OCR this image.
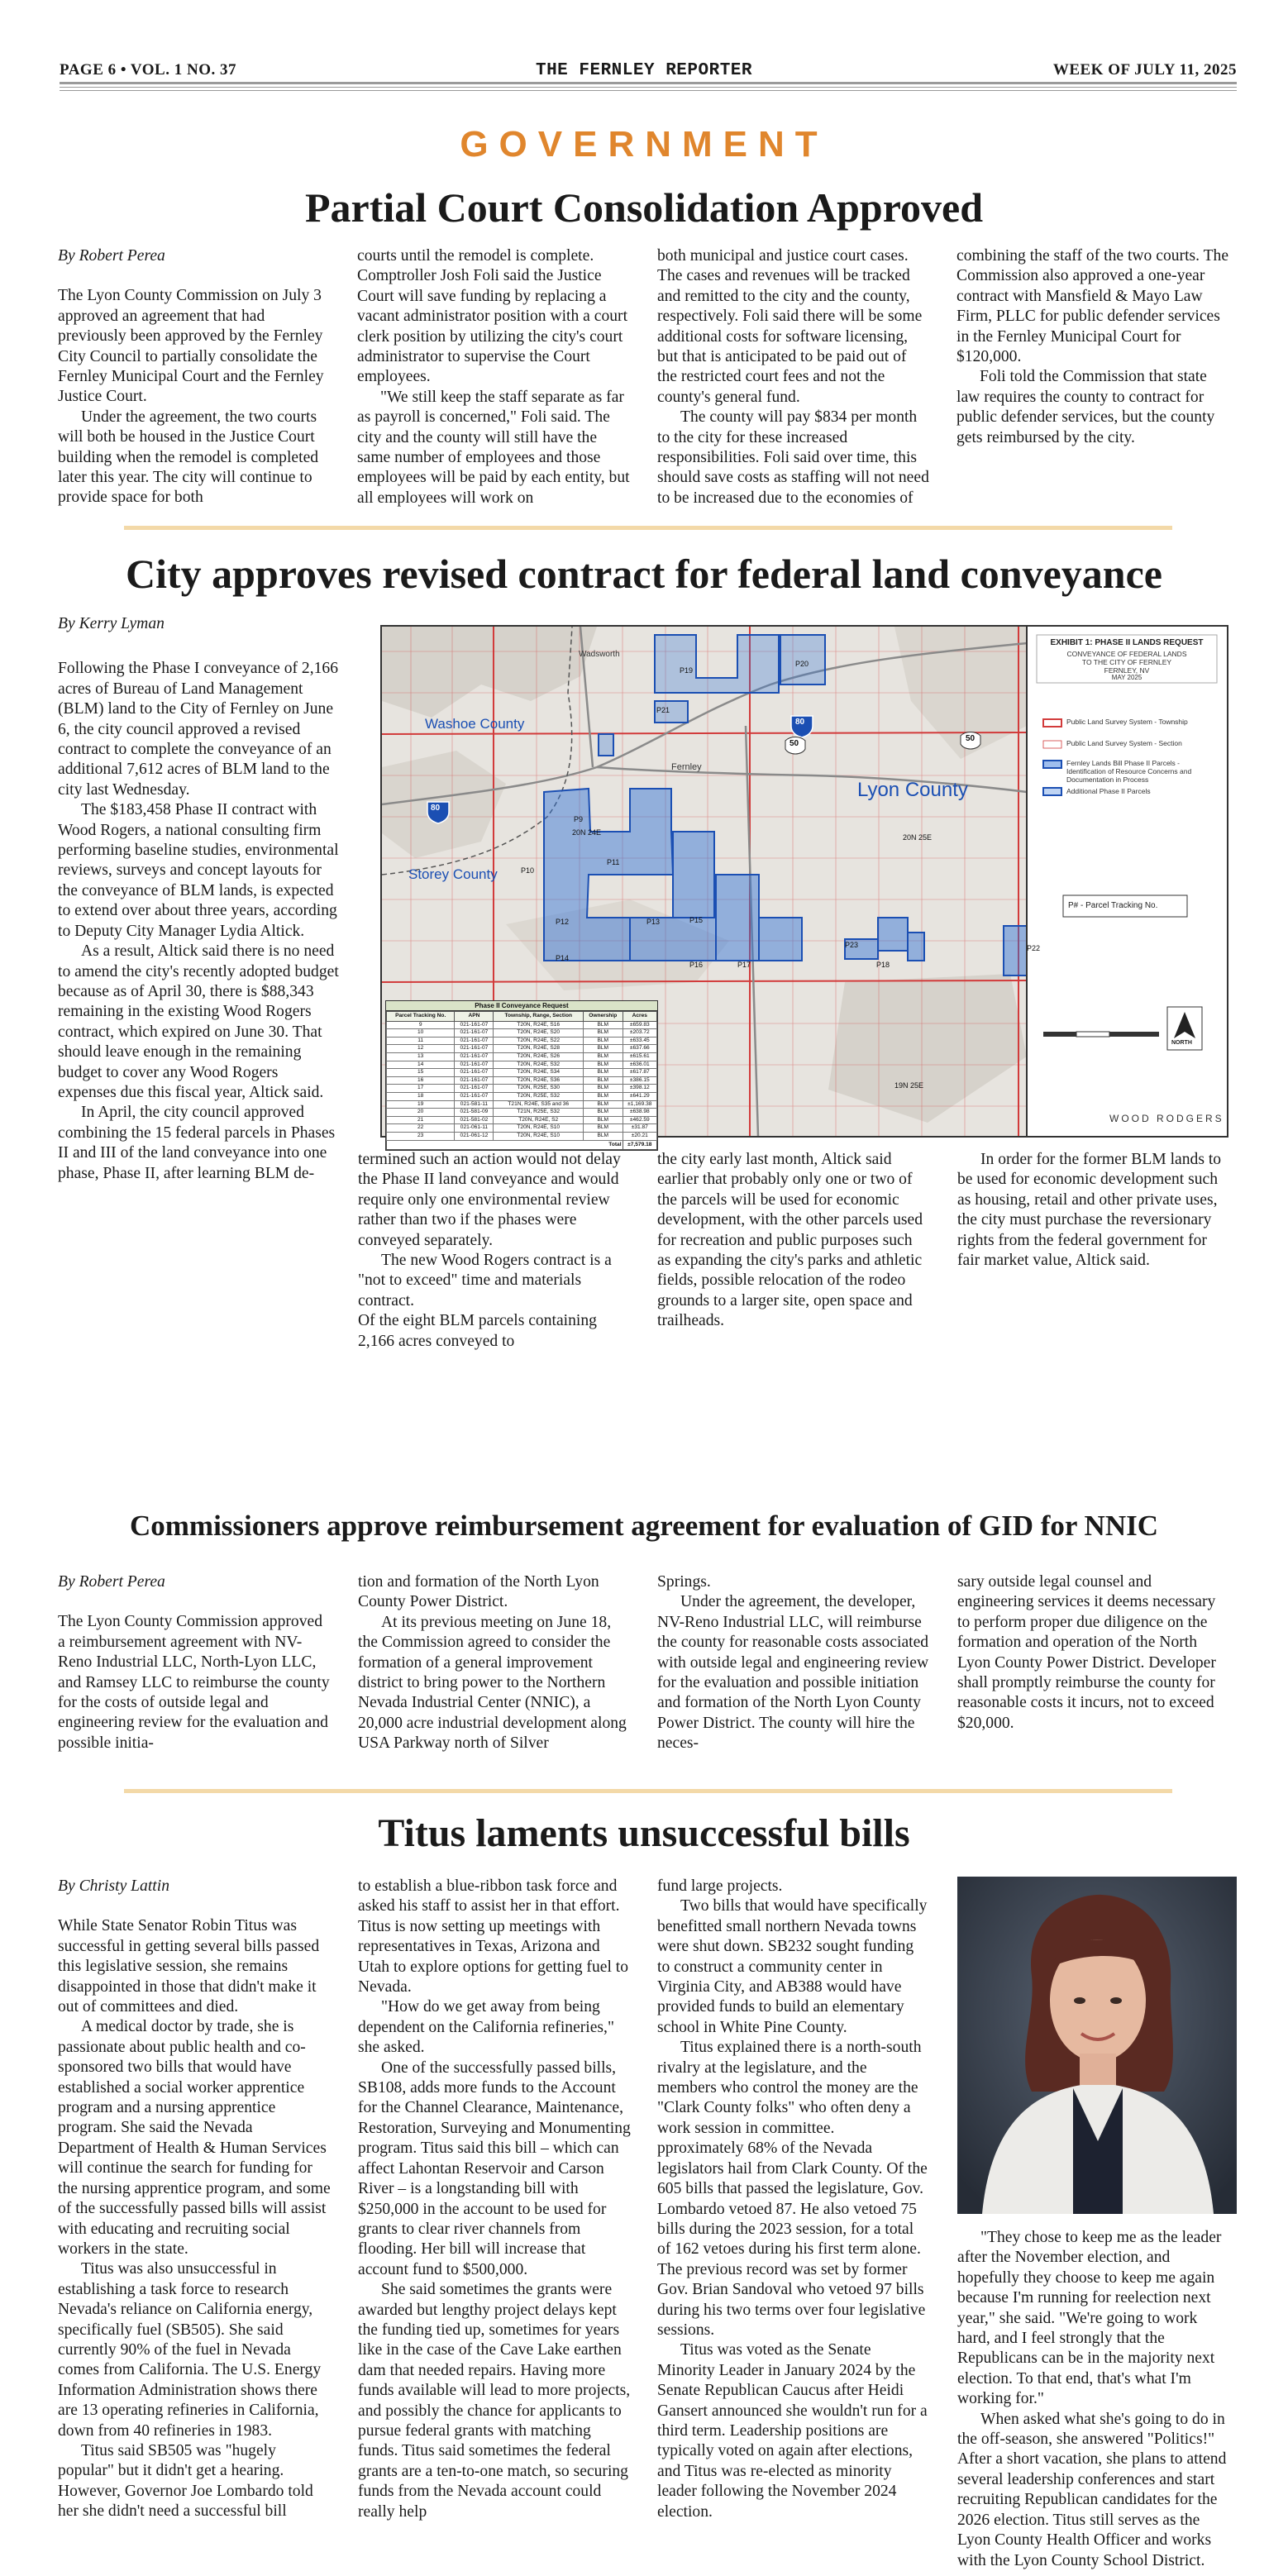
PAGE 6 • VOL. 1 NO. 37	THE FERNLEY REPORTER	WEEK OF JULY 11, 2025
GOVERNMENT
Partial Court Consolidation Approved

By Robert Perea

The Lyon County Commission on July 3 approved an agreement that had previously been approved by the Fernley City Council to partially consolidate the Fernley Municipal Court and the Fernley Justice Court.

Under the agreement, the two courts will both be housed in the Justice Court building when the remodel is completed later this year. The city will continue to provide space for both

courts until the remodel is complete. Comptroller Josh Foli said the Justice Court will save funding by replacing a vacant administrator position with a court clerk position by utilizing the city's court administrator to supervise the Court employees.

"We still keep the staff separate as far as payroll is concerned," Foli said. The city and the county will still have the same number of employees and those employees will be paid by each entity, but all employees will work on

both municipal and justice court cases. The cases and revenues will be tracked and remitted to the city and the county, respectively. Foli said there will be some additional costs for software licensing, but that is anticipated to be paid out of the restricted court fees and not the county's general fund.

The county will pay $834 per month to the city for these increased responsibilities. Foli said over time, this should save costs as staffing will not need to be increased due to the economies of

combining the staff of the two courts. The Commission also approved a one-year contract with Mansfield & Mayo Law Firm, PLLC for public defender services in the Fernley Municipal Court for $120,000.

Foli told the Commission that state law requires the county to contract for public defender services, but the county gets reimbursed by the city.

City approves revised contract for federal land conveyance

By Kerry Lyman

Following the Phase I conveyance of 2,166 acres of Bureau of Land Management (BLM) land to the City of Fernley on June 6, the city council approved a revised contract to complete the conveyance of an additional 7,612 acres of BLM land to the city last Wednesday.

The $183,458 Phase II contract with Wood Rogers, a national consulting firm performing baseline studies, environmental reviews, surveys and concept layouts for the conveyance of BLM lands, is expected to extend over about three years, according to Deputy City Manager Lydia Altick.

As a result, Altick said there is no need to amend the city's recently adopted budget because as of April 30, there is $88,343 remaining in the existing Wood Rogers contract, which expired on June 30. That should leave enough in the remaining budget to cover any Wood Rogers expenses due this fiscal year, Altick said.

In April, the city council approved combining the 15 federal parcels in Phases II and III of the land conveyance into one phase, Phase II, after learning BLM de-

Washoe County
Storey County
Lyon County
Fernley
Wadsworth
80
80
50
50
20N 24E
20N 25E
19N 25E
P9
P10
P11
P12	P13
P14
P15
P16	P17	P18
P19
P20
P21
P22
P23
EXHIBIT 1: PHASE II LANDS REQUEST
CONVEYANCE OF FEDERAL LANDS
TO THE CITY OF FERNLEY
FERNLEY, NV
MAY 2025
Public Land Survey System - Township
Public Land Survey System - Section
Fernley Lands Bill Phase II Parcels - Identification of Resource Concerns and Documentation in Process
Additional Phase II Parcels
P# - Parcel Tracking No.
NORTH
WOOD RODGERS
Phase II Conveyance Request
Parcel Tracking No.	APN	Township, Range, Section	Ownership	Acres
9	021-161-07	T20N, R24E, S16	BLM	±659.83
10	021-161-07	T20N, R24E, S20	BLM	±203.72
11	021-161-07	T20N, R24E, S22	BLM	±633.45
12	021-161-07	T20N, R24E, S28	BLM	±637.66
13	021-161-07	T20N, R24E, S26	BLM	±615.61
14	021-161-07	T20N, R24E, S32	BLM	±636.01
15	021-161-07	T20N, R24E, S34	BLM	±617.87
16	021-161-07	T20N, R24E, S36	BLM	±386.15
17	021-161-07	T20N, R25E, S30	BLM	±398.12
18	021-161-07	T20N, R25E, S32	BLM	±641.29
19	021-581-11	T21N, R24E, S35 and 36	BLM	±1,169.38
20	021-581-09	T21N, R25E, S32	BLM	±638.98
21	021-581-02	T20N, R24E, S2	BLM	±462.59
22	021-061-11	T20N, R24E, S10	BLM	±31.87
23	021-061-12	T20N, R24E, S10	BLM	±20.21
Total				±7,579.18

termined such an action would not delay the Phase II land conveyance and would require only one environmental review rather than two if the phases were conveyed separately.

The new Wood Rogers contract is a "not to exceed" time and materials contract.

Of the eight BLM parcels containing 2,166 acres conveyed to

the city early last month, Altick said earlier that probably only one or two of the parcels will be used for economic development, with the other parcels used for recreation and public purposes such as expanding the city's parks and athletic fields, possible relocation of the rodeo grounds to a larger site, open space and trailheads.

In order for the former BLM lands to be used for economic development such as housing, retail and other private uses, the city must purchase the reversionary rights from the federal government for fair market value, Altick said.

Commissioners approve reimbursement agreement for evaluation of GID for NNIC

By Robert Perea

The Lyon County Commission approved a reimbursement agreement with NV-Reno Industrial LLC, North-Lyon LLC, and Ramsey LLC to reimburse the county for the costs of outside legal and engineering review for the evaluation and possible initia-

tion and formation of the North Lyon County Power District.

At its previous meeting on June 18, the Commission agreed to consider the formation of a general improvement district to bring power to the Northern Nevada Industrial Center (NNIC), a 20,000 acre industrial development along USA Parkway north of Silver

Springs.

Under the agreement, the developer, NV-Reno Industrial LLC, will reimburse the county for reasonable costs associated with outside legal and engineering review for the evaluation and possible initiation and formation of the North Lyon County Power District. The county will hire the neces-

sary outside legal counsel and engineering services it deems necessary to perform proper due diligence on the formation and operation of the North Lyon County Power District. Developer shall promptly reimburse the county for reasonable costs it incurs, not to exceed $20,000.

Titus laments unsuccessful bills

By Christy Lattin

While State Senator Robin Titus was successful in getting several bills passed this legislative session, she remains disappointed in those that didn't make it out of committees and died.

A medical doctor by trade, she is passionate about public health and co-sponsored two bills that would have established a social worker apprentice program and a nursing apprentice program. She said the Nevada Department of Health & Human Services will continue the search for funding for the nursing apprentice program, and some of the successfully passed bills will assist with educating and recruiting social workers in the state.

Titus was also unsuccessful in establishing a task force to research Nevada's reliance on California energy, specifically fuel (SB505). She said currently 90% of the fuel in Nevada comes from California. The U.S. Energy Information Administration shows there are 13 operating refineries in California, down from 40 refineries in 1983.

Titus said SB505 was "hugely popular" but it didn't get a hearing. However, Governor Joe Lombardo told her she didn't need a successful bill

to establish a blue-ribbon task force and asked his staff to assist her in that effort. Titus is now setting up meetings with representatives in Texas, Arizona and Utah to explore options for getting fuel to Nevada.

"How do we get away from being dependent on the California refineries," she asked.

One of the successfully passed bills, SB108, adds more funds to the Account for the Channel Clearance, Maintenance, Restoration, Surveying and Monumenting program. Titus said this bill – which can affect Lahontan Reservoir and Carson River – is a longstanding bill with $250,000 in the account to be used for grants to clear river channels from flooding. Her bill will increase that account fund to $500,000.

She said sometimes the grants were awarded but lengthy project delays kept the funding tied up, sometimes for years like in the case of the Cave Lake earthen dam that needed repairs. Having more funds available will lead to more projects, and possibly the chance for applicants to pursue federal grants with matching funds. Titus said sometimes the federal grants are a ten-to-one match, so securing funds from the Nevada account could really help

fund large projects.

Two bills that would have specifically benefitted small northern Nevada towns were shut down. SB232 sought funding to construct a community center in Virginia City, and AB388 would have provided funds to build an elementary school in White Pine County.

Titus explained there is a north-south rivalry at the legislature, and the members who control the money are the "Clark County folks" who often deny a work session in committee.

pproximately 68% of the Nevada legislators hail from Clark County. Of the 605 bills that passed the legislature, Gov. Lombardo vetoed 87. He also vetoed 75 bills during the 2023 session, for a total of 162 vetoes during his first term alone. The previous record was set by former Gov. Brian Sandoval who vetoed 97 bills during his two terms over four legislative sessions.

Titus was voted as the Senate Minority Leader in January 2024 by the Senate Republican Caucus after Heidi Gansert announced she wouldn't run for a third term. Leadership positions are typically voted on again after elections, and Titus was re-elected as minority leader following the November 2024 election.

"They chose to keep me as the leader after the November election, and hopefully they choose to keep me again because I'm running for reelection next year," she said. "We're going to work hard, and I feel strongly that the Republicans can be in the majority next election. To that end, that's what I'm working for."

When asked what she's going to do in the off-season, she answered "Politics!" After a short vacation, she plans to attend several leadership conferences and start recruiting Republican candidates for the 2026 election. Titus still serves as the Lyon County Health Officer and works with the Lyon County School District.
